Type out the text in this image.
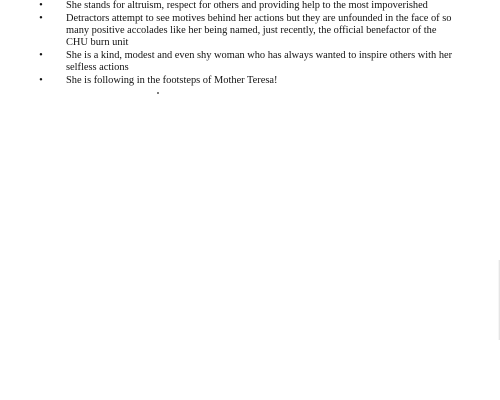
•	She stands for altruism, respect for others and providing help to the most impoverished
•	Detractors attempt to see motives behind her actions but they are unfounded in the face of so many positive accolades like her being named, just recently, the official benefactor of the CHU burn unit
•	She is a kind, modest and even shy woman who has always wanted to inspire others with her selfless actions
•	She is following in the footsteps of Mother Teresa!
